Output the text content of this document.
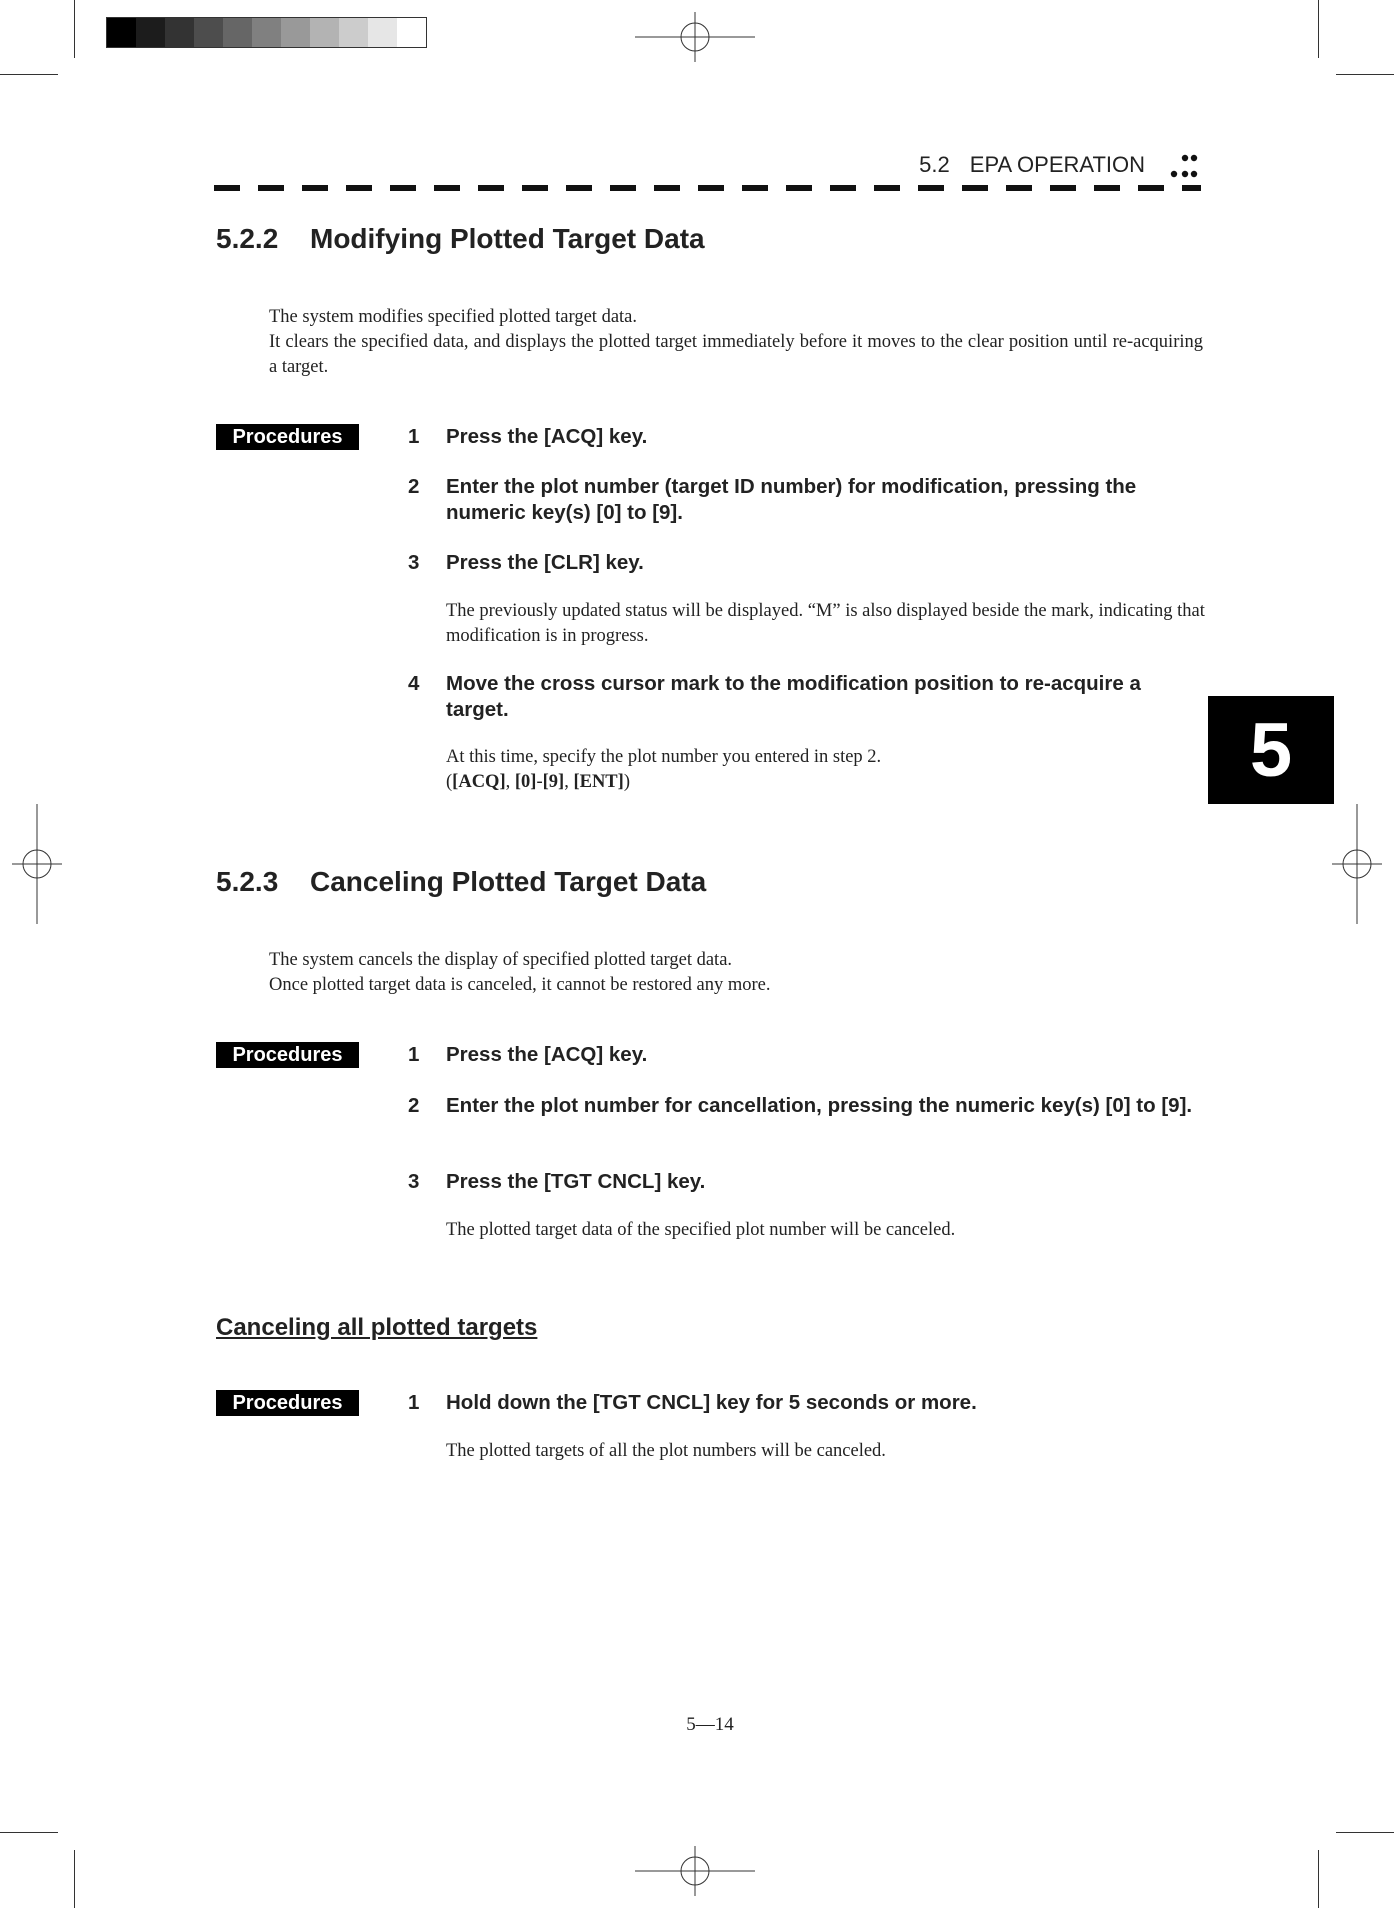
5.2 EPA OPERATION
5
5.2.2 Modifying Plotted Target Data

The system modifies specified plotted target data.

It clears the specified data, and displays the plotted target immediately before it moves to the clear position until re-acquiring a target.

Procedures	1 Press the [ACQ] key.
2 Enter the plot number (target ID number) for modification, pressing the numeric key(s) [0] to [9].
3 Press the [CLR] key.

The previously updated status will be displayed. “M” is also displayed beside the mark, indicating that modification is in progress.

4 Move the cross cursor mark to the modification position to re-acquire a target.

At this time, specify the plot number you entered in step 2.

([ACQ], [0]-[9], [ENT])

5.2.3 Canceling Plotted Target Data

The system cancels the display of specified plotted target data.

Once plotted target data is canceled, it cannot be restored any more.

Procedures	1 Press the [ACQ] key.
2 Enter the plot number for cancellation, pressing the numeric key(s) [0] to [9].
3 Press the [TGT CNCL] key.

The plotted target data of the specified plot number will be canceled.

Canceling all plotted targets
Procedures	1 Hold down the [TGT CNCL] key for 5 seconds or more.

The plotted targets of all the plot numbers will be canceled.

5—14
